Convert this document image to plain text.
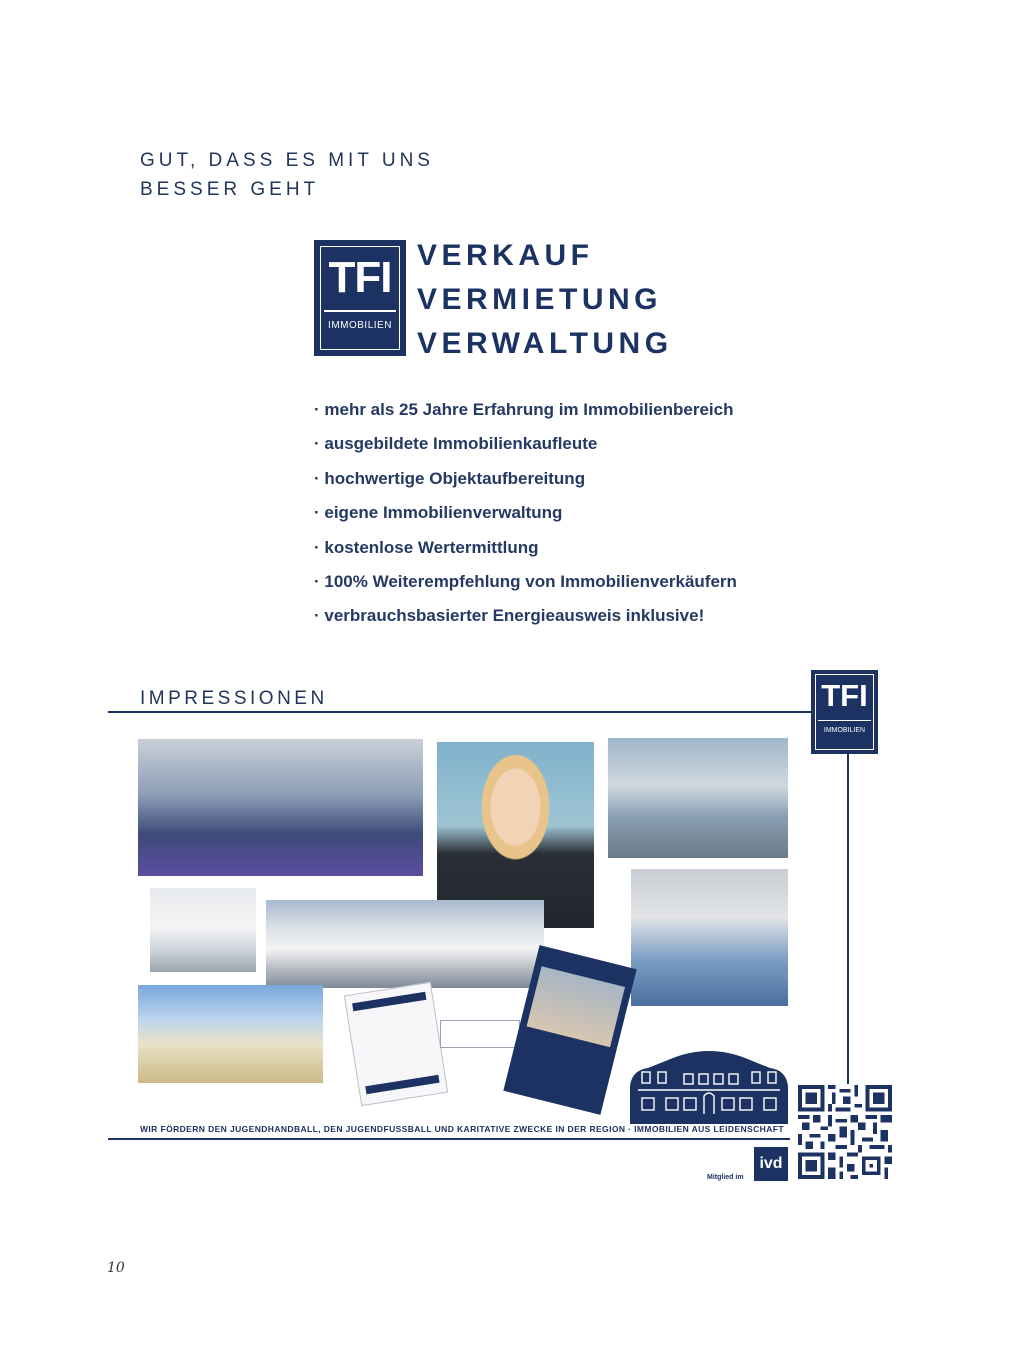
GUT, DASS ES MIT UNS
BESSER GEHT
TFI
IMMOBILIEN
VERKAUF
VERMIETUNG
VERWALTUNG
· mehr als 25 Jahre Erfahrung im Immobilienbereich
· ausgebildete Immobilienkaufleute
· hochwertige Objektaufbereitung
· eigene Immobilienverwaltung
· kostenlose Wertermittlung
· 100% Weiterempfehlung von Immobilienverkäufern
· verbrauchsbasierter Energieausweis inklusive!
IMPRESSIONEN	TFI
IMMOBILIEN
WIR FÖRDERN DEN JUGENDHANDBALL, DEN JUGENDFUSSBALL UND KARITATIVE ZWECKE IN DER REGION · IMMOBILIEN AUS LEIDENSCHAFT
Mitglied im
ivd
10
